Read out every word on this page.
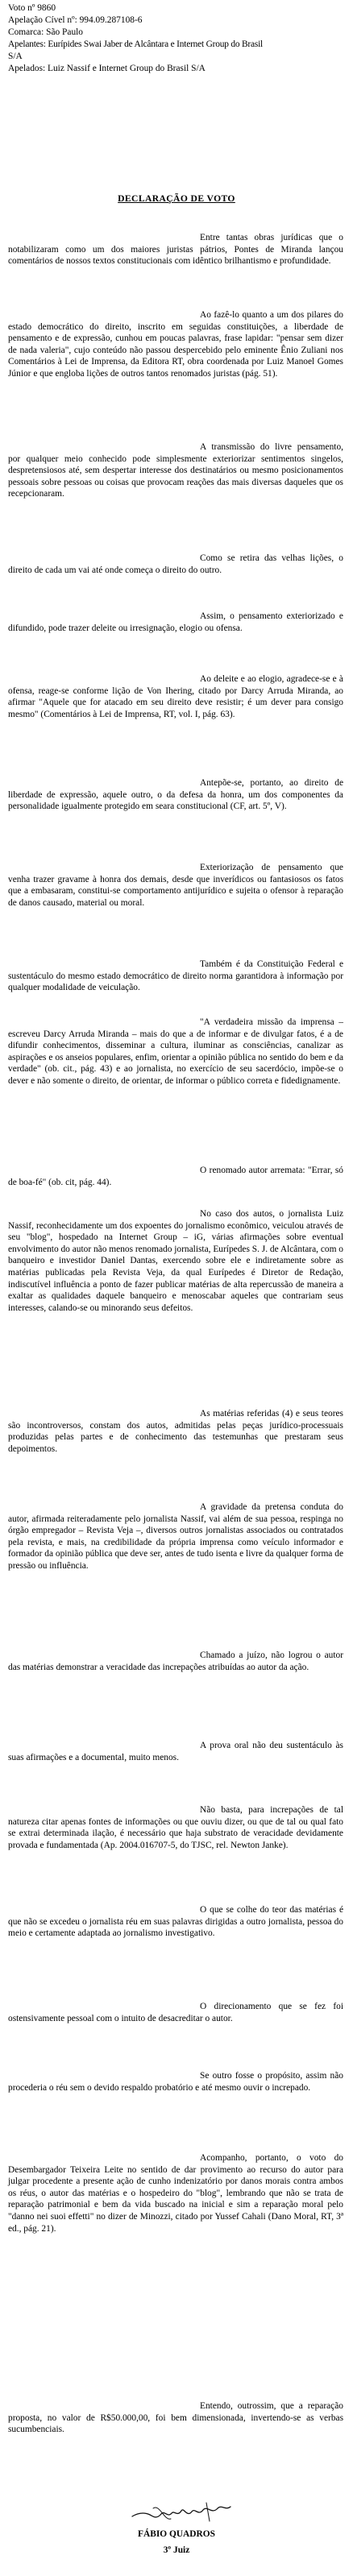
Voto nº 9860

Apelação Cível nº: 994.09.287108-6

Comarca: São Paulo

Apelantes: Eurípides Swai Jaber de Alcântara e Internet Group do Brasil

S/A

Apelados: Luiz Nassif e Internet Group do Brasil S/A

DECLARAÇÃO DE VOTO

Entre tantas obras jurídicas que o notabilizaram como um dos maiores juristas pátrios, Pontes de Miranda lançou comentários de nossos textos constitucionais com idêntico brilhantismo e profundidade.

Ao fazê-lo quanto a um dos pilares do estado democrático do direito, inscrito em seguidas constituições, a liberdade de pensamento e de expressão, cunhou em poucas palavras, frase lapidar: "pensar sem dizer de nada valeria", cujo conteúdo não passou despercebido pelo eminente Ênio Zuliani nos Comentários à Lei de Imprensa, da Editora RT, obra coordenada por Luiz Manoel Gomes Júnior e que engloba lições de outros tantos renomados juristas (pág. 51).

A transmissão do livre pensamento, por qualquer meio conhecido pode simplesmente exteriorizar sentimentos singelos, despretensiosos até, sem despertar interesse dos destinatários ou mesmo posicionamentos pessoais sobre pessoas ou coisas que provocam reações das mais diversas daqueles que os recepcionaram.

Como se retira das velhas lições, o direito de cada um vai até onde começa o direito do outro.

Assim, o pensamento exteriorizado e difundido, pode trazer deleite ou irresignação, elogio ou ofensa.

Ao deleite e ao elogio, agradece-se e à ofensa, reage-se conforme lição de Von Ihering, citado por Darcy Arruda Miranda, ao afirmar "Aquele que for atacado em seu direito deve resistir; é um dever para consigo mesmo" (Comentários à Lei de Imprensa, RT, vol. I, pág. 63).

Antepõe-se, portanto, ao direito de liberdade de expressão, aquele outro, o da defesa da honra, um dos componentes da personalidade igualmente protegido em seara constitucional (CF, art. 5º, V).

Exteriorização de pensamento que venha trazer gravame à honra dos demais, desde que inverídicos ou fantasiosos os fatos que a embasaram, constitui-se comportamento antijurídico e sujeita o ofensor à reparação de danos causado, material ou moral.

Também é da Constituição Federal e sustentáculo do mesmo estado democrático de direito norma garantidora à informação por qualquer modalidade de veiculação.

"A verdadeira missão da imprensa – escreveu Darcy Arruda Miranda – mais do que a de informar e de divulgar fatos, é a de difundir conhecimentos, disseminar a cultura, iluminar as consciências, canalizar as aspirações e os anseios populares, enfim, orientar a opinião pública no sentido do bem e da verdade" (ob. cit., pág. 43) e ao jornalista, no exercício de seu sacerdócio, impõe-se o dever e não somente o direito, de orientar, de informar o público correta e fidedignamente.

O renomado autor arremata: "Errar, só de boa-fé" (ob. cit, pág. 44).

No caso dos autos, o jornalista Luiz Nassif, reconhecidamente um dos expoentes do jornalismo econômico, veiculou através de seu "blog", hospedado na Internet Group – iG, várias afirmações sobre eventual envolvimento do autor não menos renomado jornalista, Eurípedes S. J. de Alcântara, com o banqueiro e investidor Daniel Dantas, exercendo sobre ele e indiretamente sobre as matérias publicadas pela Revista Veja, da qual Eurípedes é Diretor de Redação, indiscutível influência a ponto de fazer publicar matérias de alta repercussão de maneira a exaltar as qualidades daquele banqueiro e menoscabar aqueles que contrariam seus interesses, calando-se ou minorando seus defeitos.

As matérias referidas (4) e seus teores são incontroversos, constam dos autos, admitidas pelas peças jurídico-processuais produzidas pelas partes e de conhecimento das testemunhas que prestaram seus depoimentos.

A gravidade da pretensa conduta do autor, afirmada reiteradamente pelo jornalista Nassif, vai além de sua pessoa, respinga no órgão empregador – Revista Veja –, diversos outros jornalistas associados ou contratados pela revista, e mais, na credibilidade da própria imprensa como veículo informador e formador da opinião pública que deve ser, antes de tudo isenta e livre da qualquer forma de pressão ou influência.

Chamado a juízo, não logrou o autor das matérias demonstrar a veracidade das increpações atribuídas ao autor da ação.

A prova oral não deu sustentáculo às suas afirmações e a documental, muito menos.

Não basta, para increpações de tal natureza citar apenas fontes de informações ou que ouviu dizer, ou que de tal ou qual fato se extrai determinada ilação, é necessário que haja substrato de veracidade devidamente provada e fundamentada (Ap. 2004.016707-5, do TJSC, rel. Newton Janke).

O que se colhe do teor das matérias é que não se excedeu o jornalista réu em suas palavras dirigidas a outro jornalista, pessoa do meio e certamente adaptada ao jornalismo investigativo.

O direcionamento que se fez foi ostensivamente pessoal com o intuito de desacreditar o autor.

Se outro fosse o propósito, assim não procederia o réu sem o devido respaldo probatório e até mesmo ouvir o increpado.

Acompanho, portanto, o voto do Desembargador Teixeira Leite no sentido de dar provimento ao recurso do autor para julgar procedente a presente ação de cunho indenizatório por danos morais contra ambos os réus, o autor das matérias e o hospedeiro do "blog", lembrando que não se trata de reparação patrimonial e bem da vida buscado na inicial e sim a reparação moral pelo "danno nei suoi effetti" no dizer de Minozzi, citado por Yussef Cahali (Dano Moral, RT, 3ª ed., pág. 21).

Entendo, outrossim, que a reparação proposta, no valor de R$50.000,00, foi bem dimensionada, invertendo-se as verbas sucumbenciais.

FÁBIO QUADROS

3º Juiz
